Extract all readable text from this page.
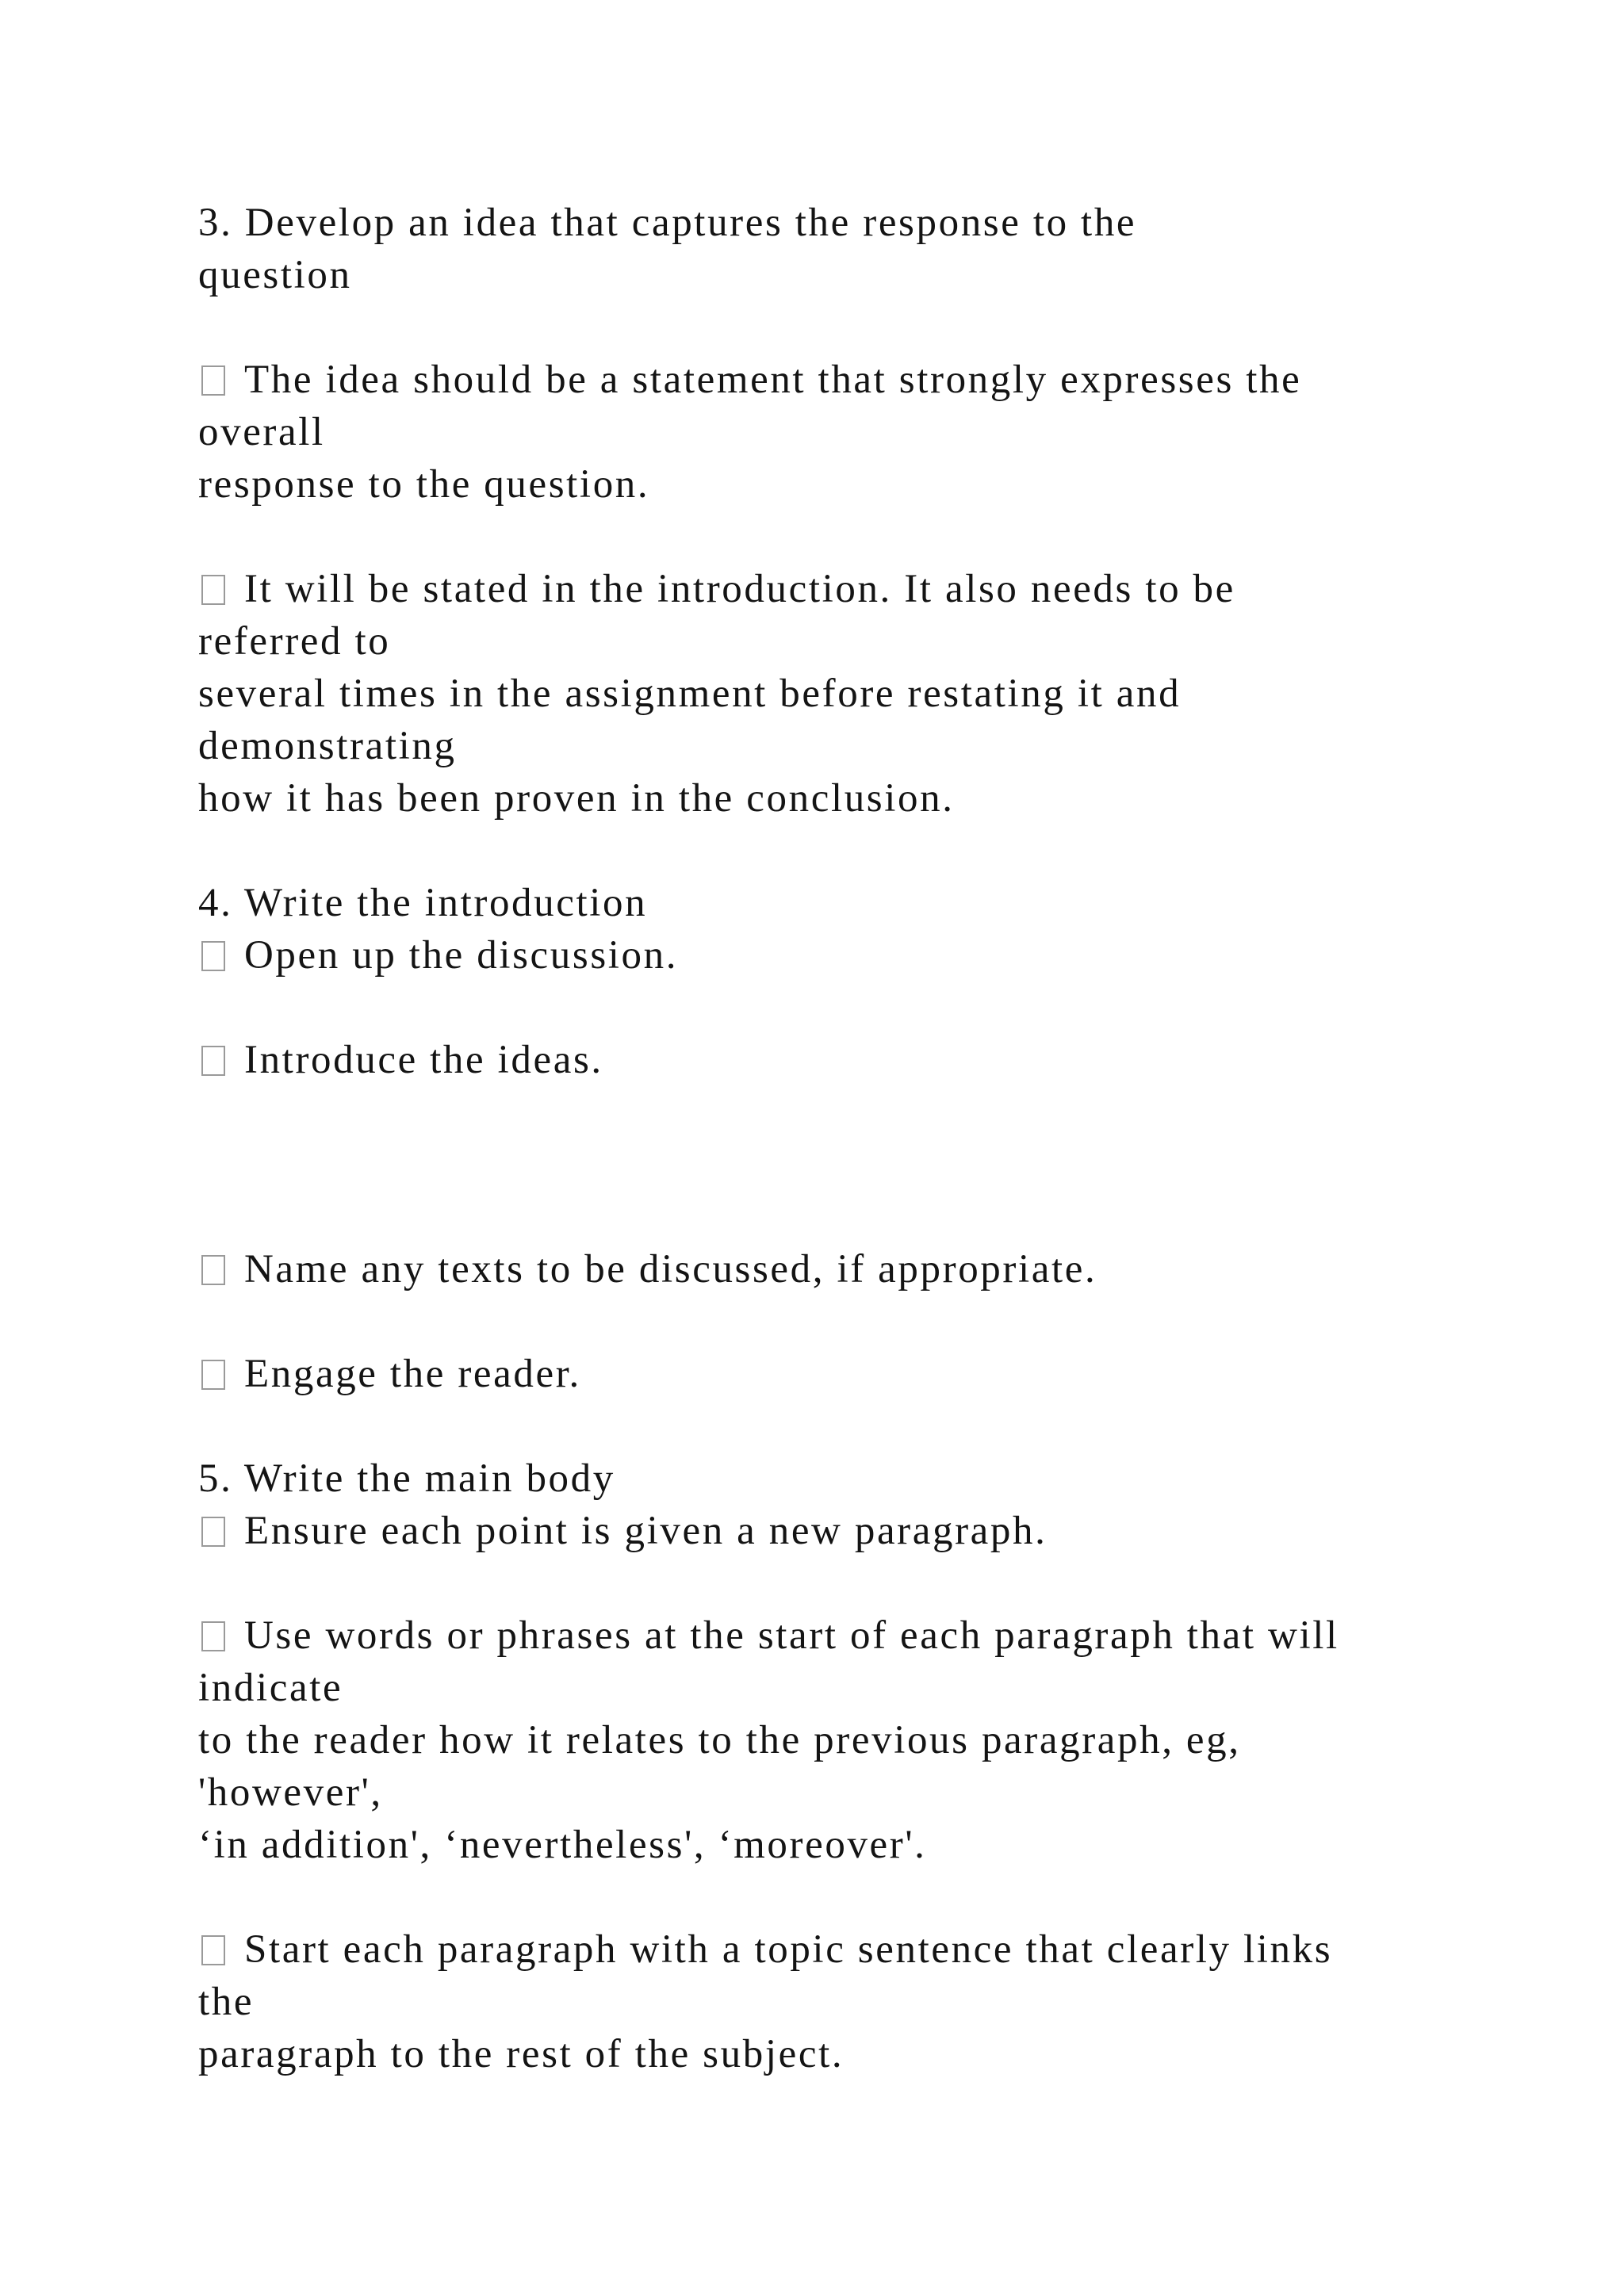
3. Develop an idea that captures the response to the
question
The idea should be a statement that strongly expresses the
overall
response to the question.
It will be stated in the introduction. It also needs to be
referred to
several times in the assignment before restating it and
demonstrating
how it has been proven in the conclusion.
4. Write the introduction
Open up the discussion.
Introduce the ideas.
Name any texts to be discussed, if appropriate.
Engage the reader.
5. Write the main body
Ensure each point is given a new paragraph.
Use words or phrases at the start of each paragraph that will
indicate
to the reader how it relates to the previous paragraph, eg,
'however',
‘in addition', ‘nevertheless', ‘moreover'.
Start each paragraph with a topic sentence that clearly links
the
paragraph to the rest of the subject.
